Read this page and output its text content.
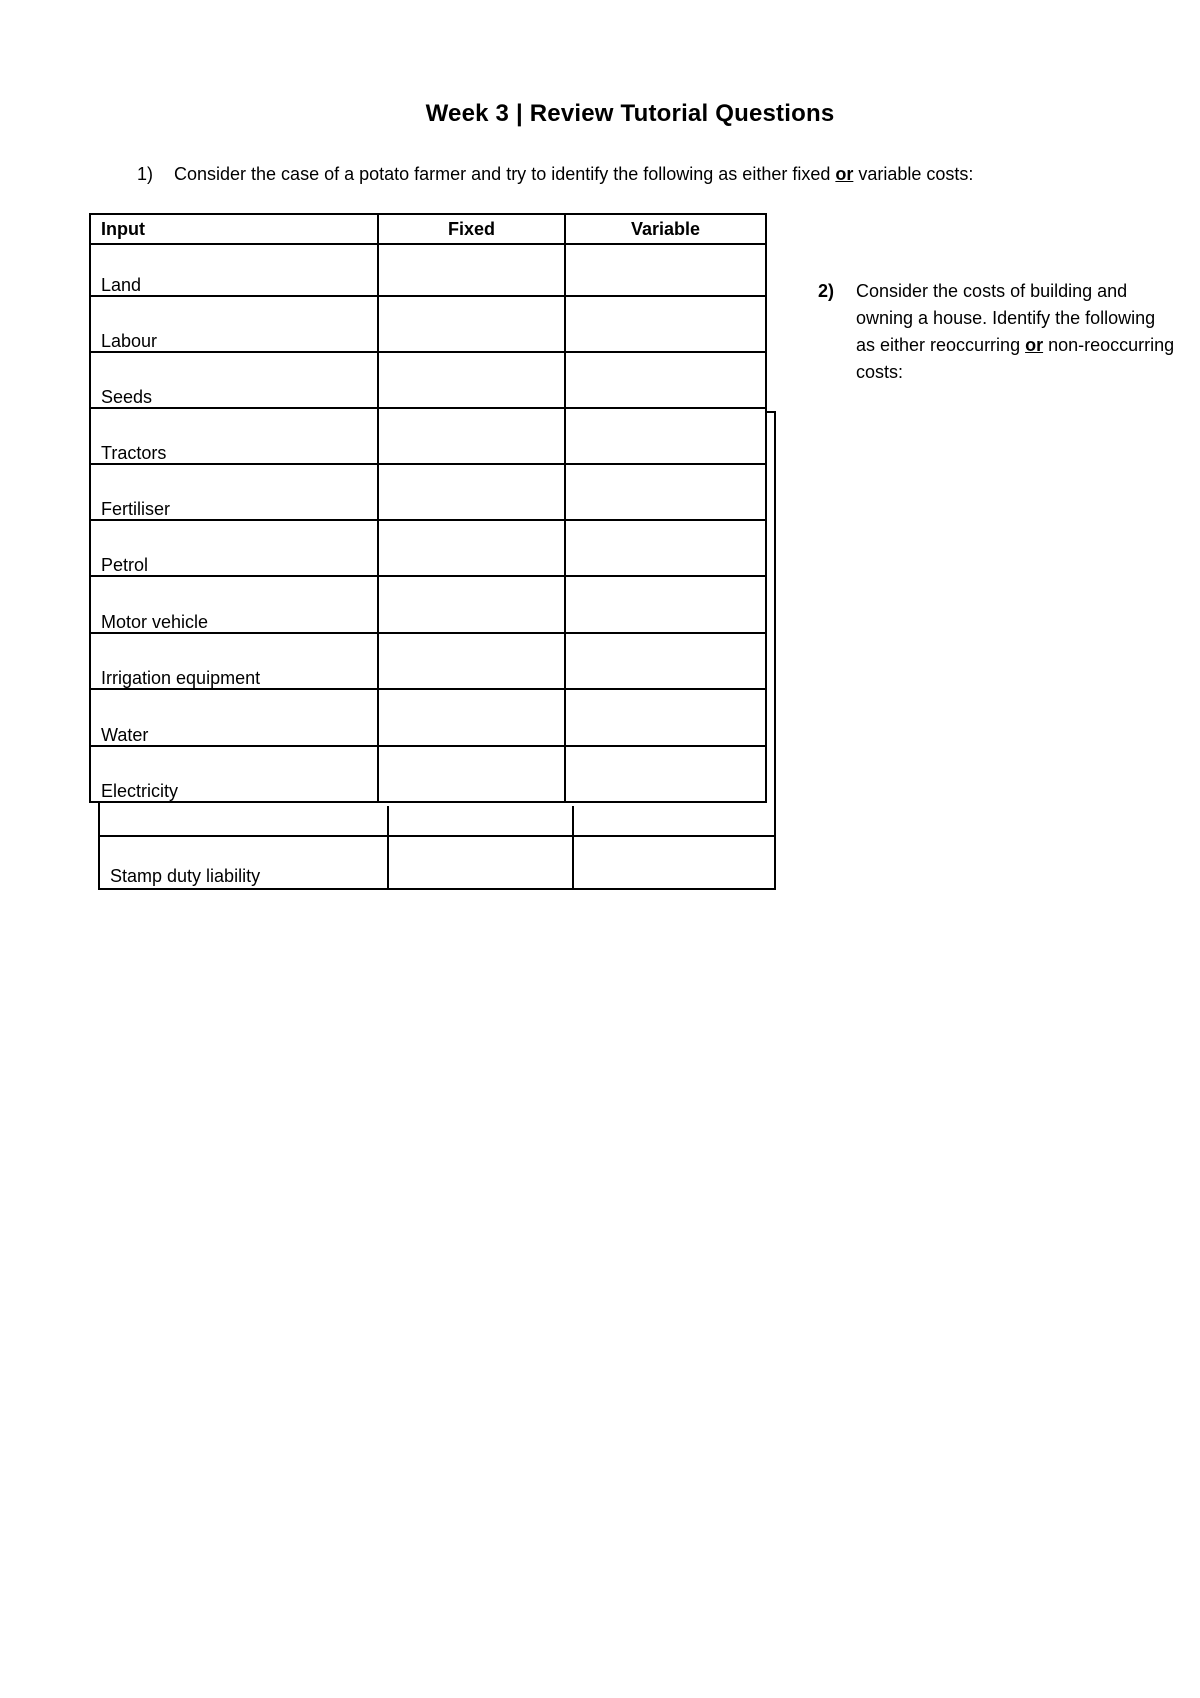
Week 3 | Review Tutorial Questions
1) Consider the case of a potato farmer and try to identify the following as either fixed or variable costs:
Input	Fixed	Variable
Land		
Labour		
Seeds		
Tractors		
Fertiliser		
Petrol		
Motor vehicle		
Irrigation equipment		
Water		
Electricity		
Stamp duty liability
2)	Consider the costs of building and owning a house. Identify the following as either reoccurring or non-reoccurring costs:
